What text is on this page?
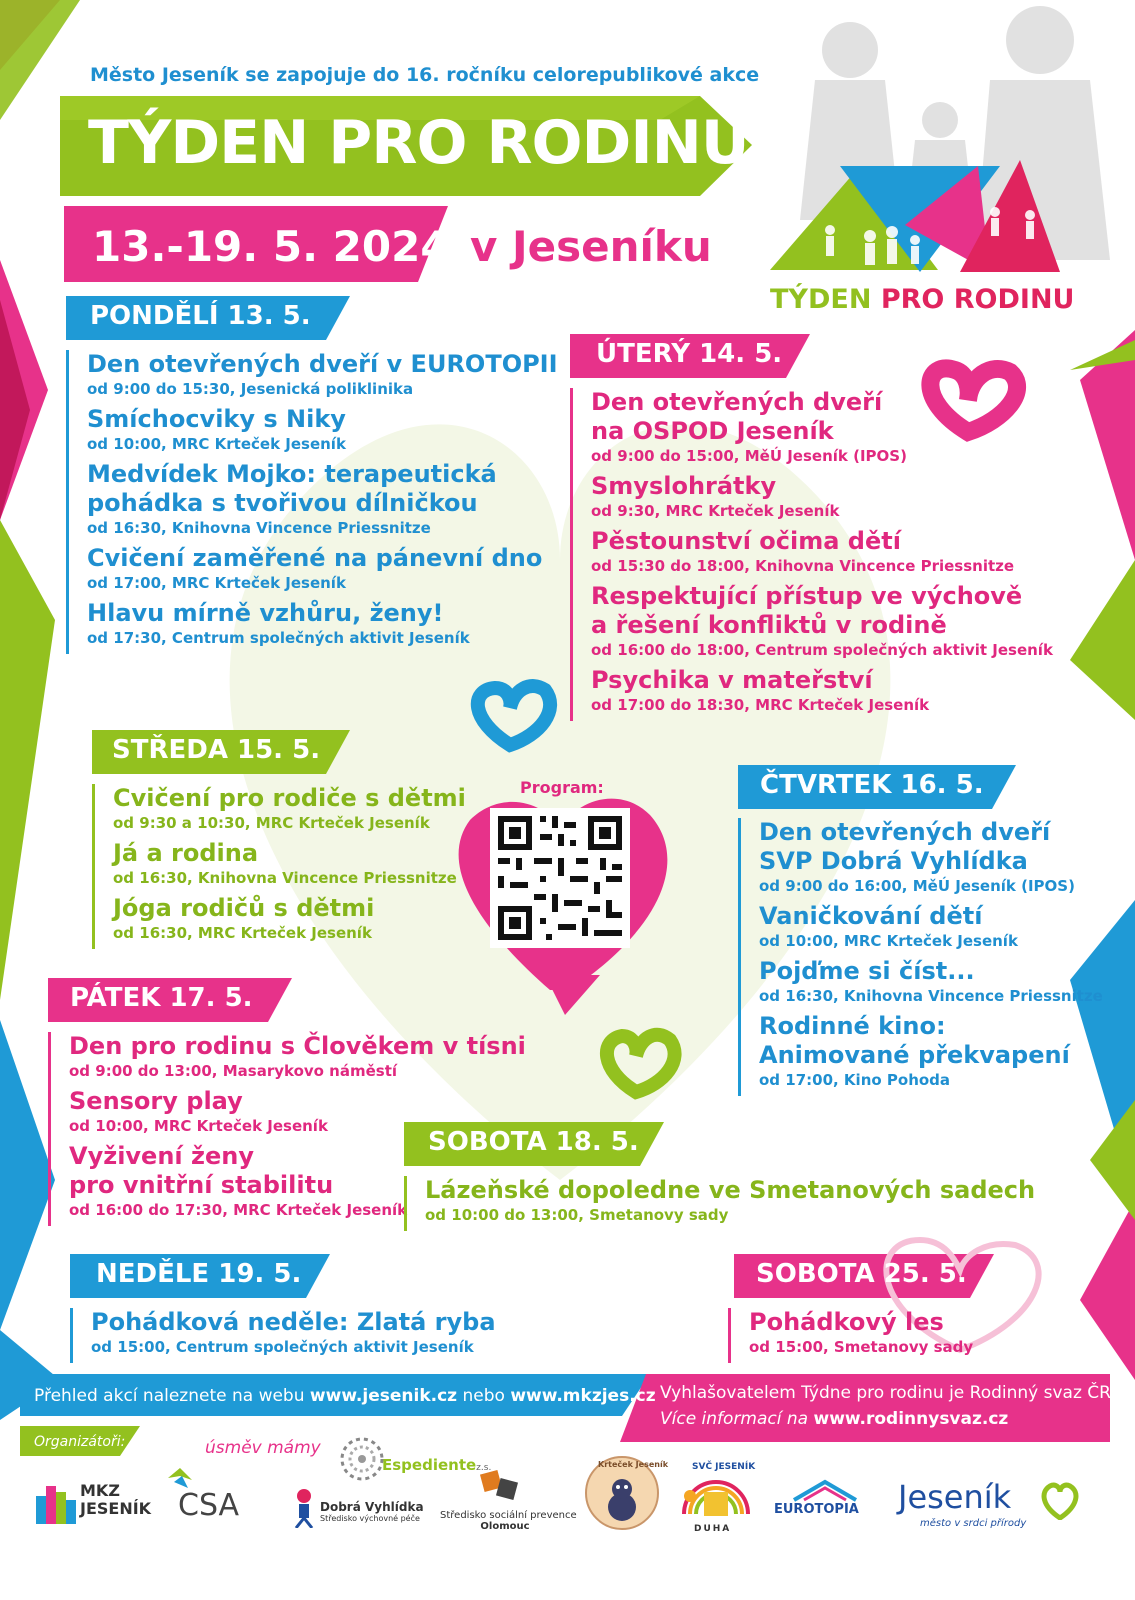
Město Jeseník se zapojuje do 16. ročníku celorepublikové akce
TÝDEN PRO RODINU
13.-19. 5. 2024 v Jeseníku
TÝDEN PRO RODINU
PONDĚLÍ 13. 5.
ÚTERÝ 14. 5.
STŘEDA 15. 5.
ČTVRTEK 16. 5.
PÁTEK 17. 5.
SOBOTA 18. 5.
NEDĚLE 19. 5.	SOBOTA 25. 5.
Den otevřených dveří v EUROTOPII
od 9:00 do 15:30, Jesenická poliklinika
Smíchocviky s Niky
od 10:00, MRC Krteček Jeseník
Medvídek Mojko: terapeutická
pohádka s tvořivou dílničkou
od 16:30, Knihovna Vincence Priessnitze
Cvičení zaměřené na pánevní dno
od 17:00, MRC Krteček Jeseník
Hlavu mírně vzhůru, ženy!
od 17:30, Centrum společných aktivit Jeseník
Den otevřených dveří
na OSPOD Jeseník
od 9:00 do 15:00, MěÚ Jeseník (IPOS)
Smyslohrátky
od 9:30, MRC Krteček Jeseník
Pěstounství očima dětí
od 15:30 do 18:00, Knihovna Vincence Priessnitze
Respektující přístup ve výchově
a řešení konfliktů v rodině
od 16:00 do 18:00, Centrum společných aktivit Jeseník
Psychika v mateřství
od 17:00 do 18:30, MRC Krteček Jeseník
Cvičení pro rodiče s dětmi
od 9:30 a 10:30, MRC Krteček Jeseník
Já a rodina
od 16:30, Knihovna Vincence Priessnitze
Jóga rodičů s dětmi
od 16:30, MRC Krteček Jeseník
Den otevřených dveří
SVP Dobrá Vyhlídka
od 9:00 do 16:00, MěÚ Jeseník (IPOS)
Vaničkování dětí
od 10:00, MRC Krteček Jeseník
Pojďme si číst...
od 16:30, Knihovna Vincence Priessnitze
Rodinné kino:
Animované překvapení
od 17:00, Kino Pohoda
Den pro rodinu s Člověkem v tísni
od 9:00 do 13:00, Masarykovo náměstí
Sensory play
od 10:00, MRC Krteček Jeseník
Vyživení ženy
pro vnitřní stabilitu
od 16:00 do 17:30, MRC Krteček Jeseník
Lázeňské dopoledne ve Smetanových sadech
od 10:00 do 13:00, Smetanovy sady
Pohádková neděle: Zlatá ryba
od 15:00, Centrum společných aktivit Jeseník
Pohádkový les
od 15:00, Smetanovy sady
Program:
Přehled akcí naleznete na webu www.jesenik.cz nebo www.mkzjes.cz Vyhlašovatelem Týdne pro rodinu je Rodinný svaz ČR.
Více informací na www.rodinnysvaz.cz
Organizátoři:	úsměv mámy
Espedientez.s.
MKZ
JESENÍK CSA	Dobrá Vyhlídka
Středisko výchovné péče	Středisko sociální prevence
Olomouc
Krteček Jeseník	SVČ JESENÍK
DUHA
EUROTOPIA Jeseník
město v srdci přírody
